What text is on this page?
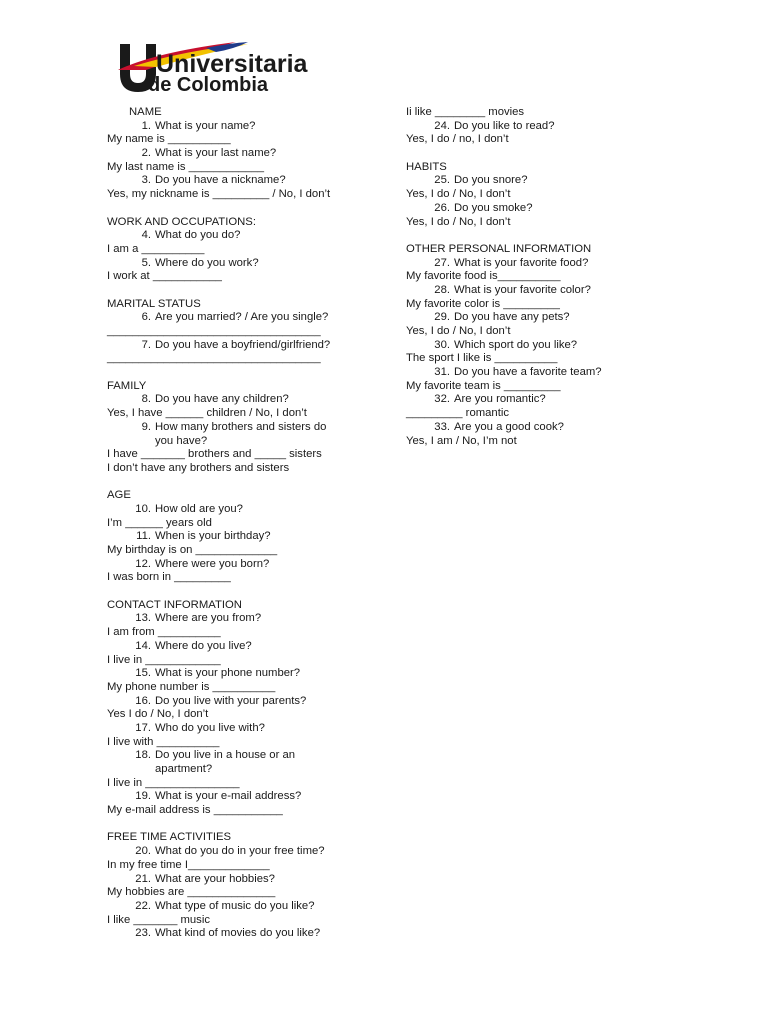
Universitaria
de Colombia
NAME
1. What is your name?
My name is __________
2. What is your last name?
My last name is ____________
3. Do you have a nickname?
Yes, my nickname is _________ / No, I don’t
WORK AND OCCUPATIONS:
4. What do you do?
I am a __________
5. Where do you work?
I work at ___________
MARITAL STATUS
6. Are you married? / Are you single?
__________________________________
7. Do you have a boyfriend/girlfriend?
__________________________________
FAMILY
8. Do you have any children?
Yes, I have ______ children / No, I don’t
9. How many brothers and sisters do
you have?
I have _______ brothers and _____ sisters
I don’t have any brothers and sisters
AGE
10. How old are you?
I’m ______ years old
11. When is your birthday?
My birthday is on _____________
12. Where were you born?
I was born in _________
CONTACT INFORMATION
13. Where are you from?
I am from __________
14. Where do you live?
I live in ____________
15. What is your phone number?
My phone number is __________
16. Do you live with your parents?
Yes I do / No, I don’t
17. Who do you live with?
I live with __________
18. Do you live in a house or an
apartment?
I live in _______________
19. What is your e-mail address?
My e-mail address is ___________
FREE TIME ACTIVITIES
20. What do you do in your free time?
In my free time I_____________
21. What are your hobbies?
My hobbies are ______________
22. What type of music do you like?
I like _______ music
23. What kind of movies do you like?
Ii like ________ movies
24. Do you like to read?
Yes, I do / no, I don’t
HABITS
25. Do you snore?
Yes, I do / No, I don’t
26. Do you smoke?
Yes, I do / No, I don’t
OTHER PERSONAL INFORMATION
27. What is your favorite food?
My favorite food is__________
28. What is your favorite color?
My favorite color is _________
29. Do you have any pets?
Yes, I do / No, I don’t
30. Which sport do you like?
The sport I like is __________
31. Do you have a favorite team?
My favorite team is _________
32. Are you romantic?
_________ romantic
33. Are you a good cook?
Yes, I am / No, I’m not
